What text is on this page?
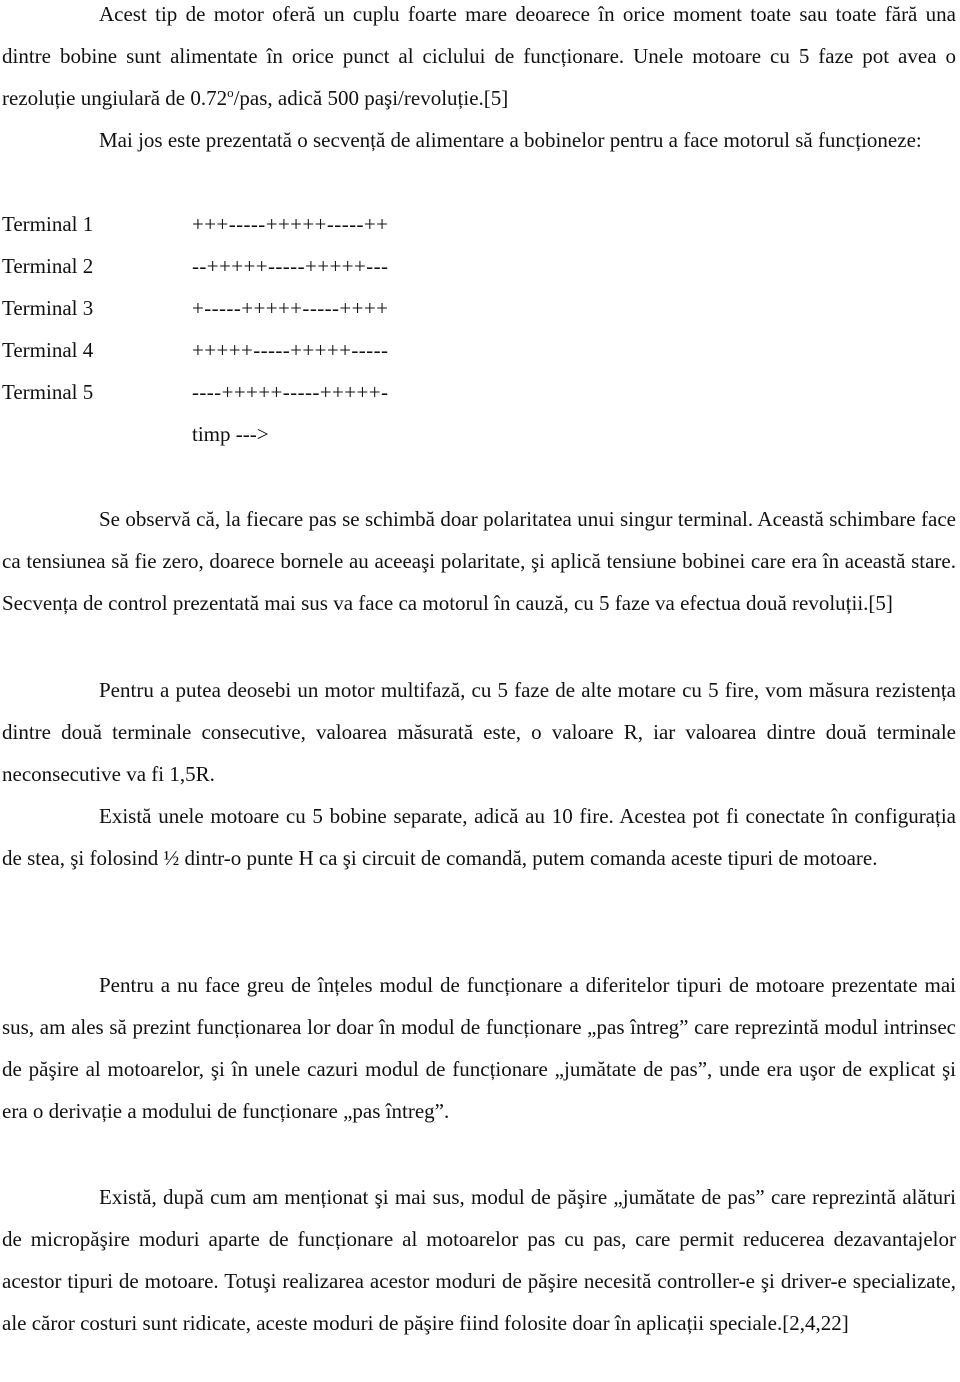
Acest tip de motor oferă un cuplu foarte mare deoarece în orice moment toate sau toate fără una dintre bobine sunt alimentate în orice punct al ciclului de funcționare. Unele motoare cu 5 faze pot avea o rezoluție ungiulară de 0.72$^o$/pas, adică 500 paşi/revoluție.[5]

Mai jos este prezentată o secvență de alimentare a bobinelor pentru a face motorul să funcționeze:

Terminal 1	+++-----+++++-----++
Terminal 2	--+++++-----+++++---
Terminal 3	+-----+++++-----++++
Terminal 4	+++++-----+++++-----
Terminal 5	----+++++-----+++++-
timp --->

Se observă că, la fiecare pas se schimbă doar polaritatea unui singur terminal. Această schimbare face ca tensiunea să fie zero, doarece bornele au aceeaşi polaritate, şi aplică tensiune bobinei care era în această stare. Secvența de control prezentată mai sus va face ca motorul în cauză, cu 5 faze va efectua două revoluții.[5]

Pentru a putea deosebi un motor multifază, cu 5 faze de alte motare cu 5 fire, vom măsura rezistența dintre două terminale consecutive, valoarea măsurată este, o valoare R, iar valoarea dintre două terminale neconsecutive va fi 1,5R.

Există unele motoare cu 5 bobine separate, adică au 10 fire. Acestea pot fi conectate în configurația de stea, şi folosind ½ dintr-o punte H ca şi circuit de comandă, putem comanda aceste tipuri de motoare.

Pentru a nu face greu de înțeles modul de funcționare a diferitelor tipuri de motoare prezentate mai sus, am ales să prezint funcționarea lor doar în modul de funcționare „pas întreg” care reprezintă modul intrinsec de păşire al motoarelor, şi în unele cazuri modul de funcționare „jumătate de pas”, unde era uşor de explicat şi era o derivație a modului de funcționare „pas întreg”.

Există, după cum am menționat şi mai sus, modul de păşire „jumătate de pas” care reprezintă alături de micropăşire moduri aparte de funcționare al motoarelor pas cu pas, care permit reducerea dezavantajelor acestor tipuri de motoare. Totuşi realizarea acestor moduri de păşire necesită controller-e şi driver-e specializate, ale căror costuri sunt ridicate, aceste moduri de păşire fiind folosite doar în aplicații speciale.[2,4,22]
